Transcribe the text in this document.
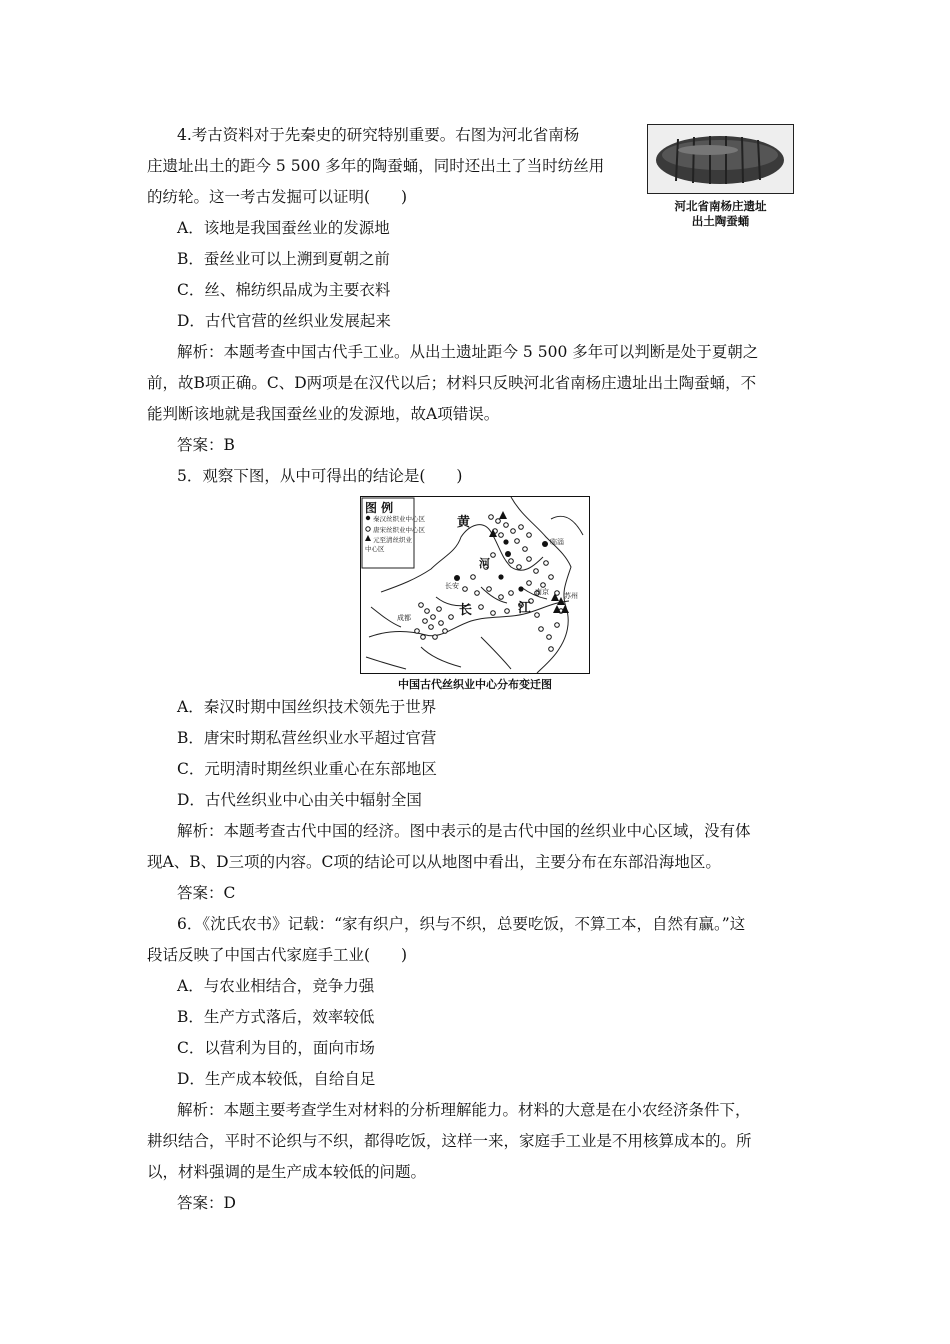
4.考古资料对于先秦史的研究特别重要。右图为河北省南杨
庄遗址出土的距今 5 500 多年的陶蚕蛹，同时还出土了当时纺丝用
的纺轮。这一考古发掘可以证明(　　)	河北省南杨庄遗址
出土陶蚕蛹
A．该地是我国蚕丝业的发源地
B．蚕丝业可以上溯到夏朝之前
C．丝、棉纺织品成为主要衣料
D．古代官营的丝织业发展起来
解析：本题考查中国古代手工业。从出土遗址距今 5 500 多年可以判断是处于夏朝之
前，故B项正确。C、D两项是在汉代以后；材料只反映河北省南杨庄遗址出土陶蚕蛹，不
能判断该地就是我国蚕丝业的发源地，故A项错误。
答案：B
5．观察下图，从中可得出的结论是(　　)
图 例
秦汉丝织业中心区
唐宋丝织业中心区
元至清丝织业
中心区
黄
河
长	江
长安
成都
临淄
南京 苏州
中国古代丝织业中心分布变迁图
A．秦汉时期中国丝织技术领先于世界
B．唐宋时期私营丝织业水平超过官营
C．元明清时期丝织业重心在东部地区
D．古代丝织业中心由关中辐射全国
解析：本题考查古代中国的经济。图中表示的是古代中国的丝织业中心区域，没有体
现A、B、D三项的内容。C项的结论可以从地图中看出，主要分布在东部沿海地区。
答案：C
6．《沈氏农书》记载：“家有织户，织与不织，总要吃饭，不算工本，自然有赢。”这
段话反映了中国古代家庭手工业(　　)
A．与农业相结合，竞争力强
B．生产方式落后，效率较低
C．以营利为目的，面向市场
D．生产成本较低，自给自足
解析：本题主要考查学生对材料的分析理解能力。材料的大意是在小农经济条件下，
耕织结合，平时不论织与不织，都得吃饭，这样一来，家庭手工业是不用核算成本的。所
以，材料强调的是生产成本较低的问题。
答案：D
